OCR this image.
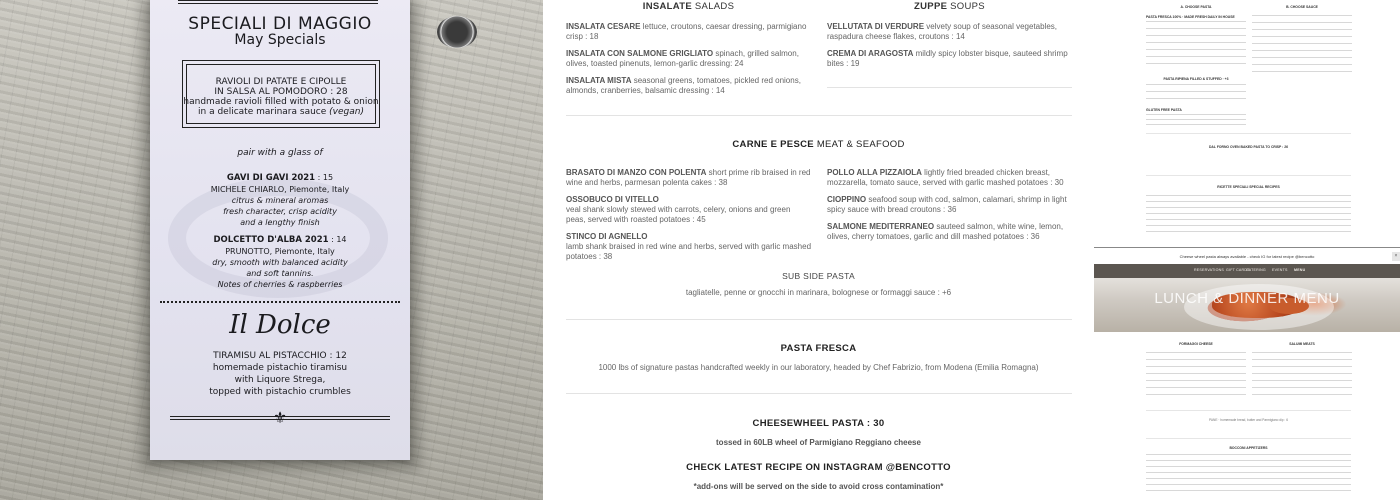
SPECIALI DI MAGGIO
May Specials
RAVIOLI DI PATATE E CIPOLLE
IN SALSA AL POMODORO : 28
handmade ravioli filled with potato & onion
in a delicate marinara sauce (vegan)
pair with a glass of
GAVI DI GAVI 2021 : 15
MICHELE CHIARLO, Piemonte, Italy
citrus & mineral aromas
fresh character, crisp acidity
and a lengthy finish
DOLCETTO D'ALBA 2021 : 14
PRUNOTTO, Piemonte, Italy
dry, smooth with balanced acidity
and soft tannins.
Notes of cherries & raspberries
Il Dolce
TIRAMISU AL PISTACCHIO : 12
homemade pistachio tiramisu
with Liquore Strega,
topped with pistachio crumbles
⚜
INSALATE SALADS
INSALATA CESARE lettuce, croutons, caesar dressing, parmigiano crisp : 18
INSALATA CON SALMONE GRIGLIATO spinach, grilled salmon, olives, toasted pinenuts, lemon-garlic dressing: 24
INSALATA MISTA seasonal greens, tomatoes, pickled red onions, almonds, cranberries, balsamic dressing : 14
ZUPPE SOUPS
VELLUTATA DI VERDURE velvety soup of seasonal vegetables, raspadura cheese flakes, croutons : 14
CREMA DI ARAGOSTA mildly spicy lobster bisque, sauteed shrimp bites : 19
CARNE E PESCE MEAT & SEAFOOD
BRASATO DI MANZO CON POLENTA short prime rib braised in red wine and herbs, parmesan polenta cakes : 38
OSSOBUCO DI VITELLO
veal shank slowly stewed with carrots, celery, onions and green peas, served with roasted potatoes : 45
STINCO DI AGNELLO
lamb shank braised in red wine and herbs, served with garlic mashed potatoes : 38
POLLO ALLA PIZZAIOLA lightly fried breaded chicken breast, mozzarella, tomato sauce, served with garlic mashed potatoes : 30
CIOPPINO seafood soup with cod, salmon, calamari, shrimp in light spicy sauce with bread croutons : 36
SALMONE MEDITERRANEO sauteed salmon, white wine, lemon, olives, cherry tomatoes, garlic and dill mashed potatoes : 36
SUB SIDE PASTA
tagliatelle, penne or gnocchi in marinara, bolognese or formaggi sauce : +6
PASTA FRESCA
1000 lbs of signature pastas handcrafted weekly in our laboratory, headed by Chef Fabrizio, from Modena (Emilia Romagna)
CHEESEWHEEL PASTA : 30
tossed in 60LB wheel of Parmigiano Reggiano cheese
CHECK LATEST RECIPE ON INSTAGRAM @BENCOTTO
*add-ons will be served on the side to avoid cross contamination*
A. CHOOSE PASTA
PASTA FRESCA 100% · MADE FRESH DAILY IN HOUSE
PASTA RIPIENA FILLED & STUFFED · +3
GLUTEN FREE PASTA
B. CHOOSE SAUCE
DAL FORNO OVEN BAKED PASTA TO CRISP : 26
RICETTE SPECIALI SPECIAL RECIPES
Cheese wheel pasta always available - check IG for latest recipe @bencotto	×
RESERVATIONS GIFT CARDS
CATERING EVENTS MENU
LUNCH & DINNER MENU
FORMAGGI CHEESE	SALUMI MEATS
PANE · homemade bread, butter and Parmigiano dip : 6
BOCCONI APPETIZERS
